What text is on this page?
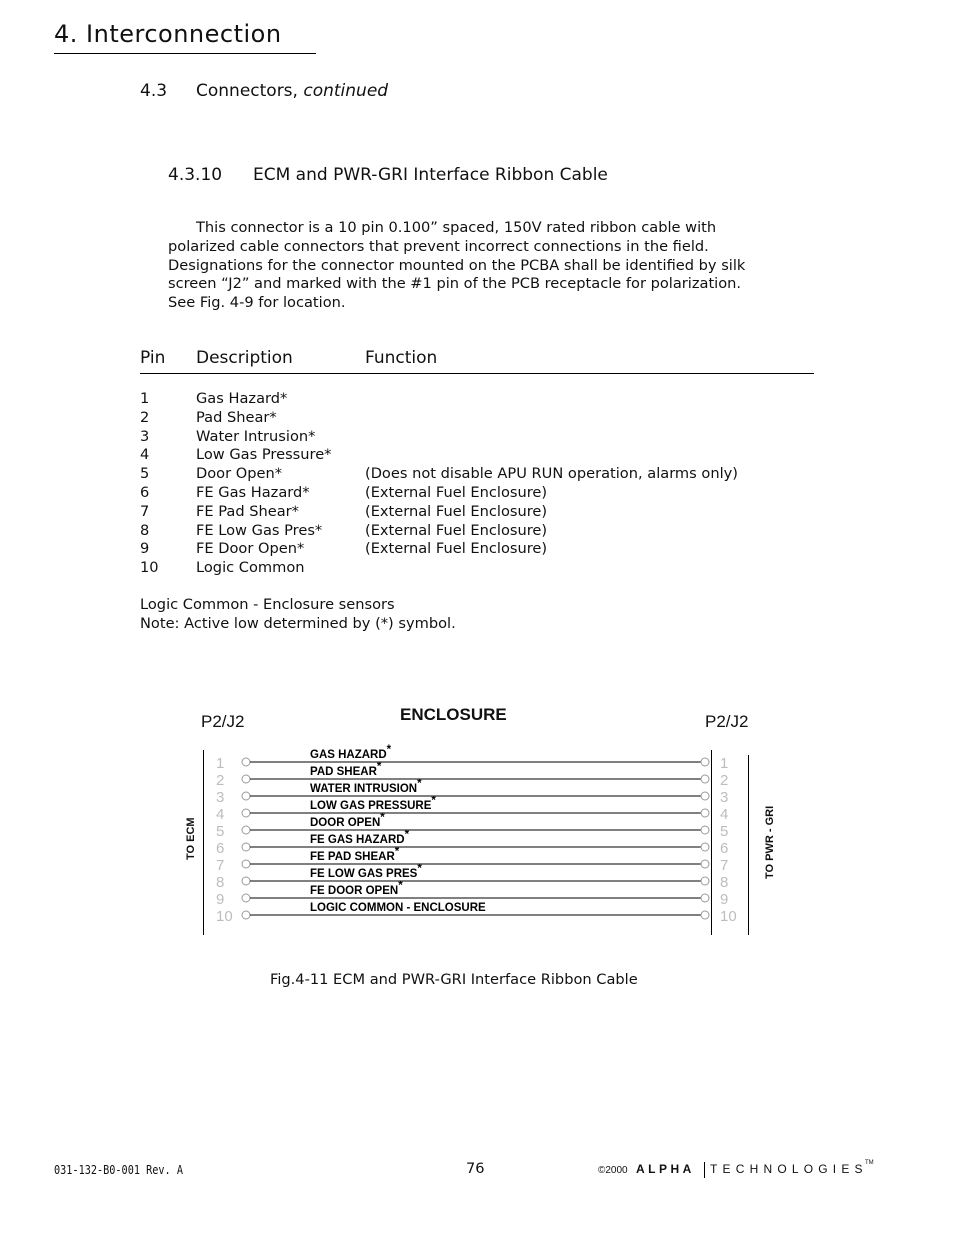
4. Interconnection
4.3 Connectors, continued
4.3.10 ECM and PWR-GRI Interface Ribbon Cable

This connector is a 10 pin 0.100” spaced, 150V rated ribbon cable with

polarized cable connectors that prevent incorrect connections in the field.

Designations for the connector mounted on the PCBA shall be identified by silk

screen “J2” and marked with the #1 pin of the PCB receptacle for polarization.

See Fig. 4-9 for location.

Pin Description	Function
1	Gas Hazard*
2	Pad Shear*
3	Water Intrusion*
4	Low Gas Pressure*
5	Door Open*	(Does not disable APU RUN operation, alarms only)
6	FE Gas Hazard*	(External Fuel Enclosure)
7	FE Pad Shear*	(External Fuel Enclosure)
8	FE Low Gas Pres*	(External Fuel Enclosure)
9	FE Door Open*	(External Fuel Enclosure)
10	Logic Common

Logic Common - Enclosure sensors

Note: Active low determined by (*) symbol.

ENCLOSURE
P2/J2	P2/J2
TO ECM	TO PWR - GRI
1	1
GAS HAZARD*
2	2
PAD SHEAR*
3	3
WATER INTRUSION*
4	4
LOW GAS PRESSURE*
5	5
DOOR OPEN*
6	6
FE GAS HAZARD*
7	7
FE PAD SHEAR*
8	8
FE LOW GAS PRES*
9	9
FE DOOR OPEN*
10	10
LOGIC COMMON - ENCLOSURE
Fig.4-11 ECM and PWR-GRI Interface Ribbon Cable
031-132-B0-001 Rev. A	76	©2000 ALPHA TECHNOLOGIES
TM
